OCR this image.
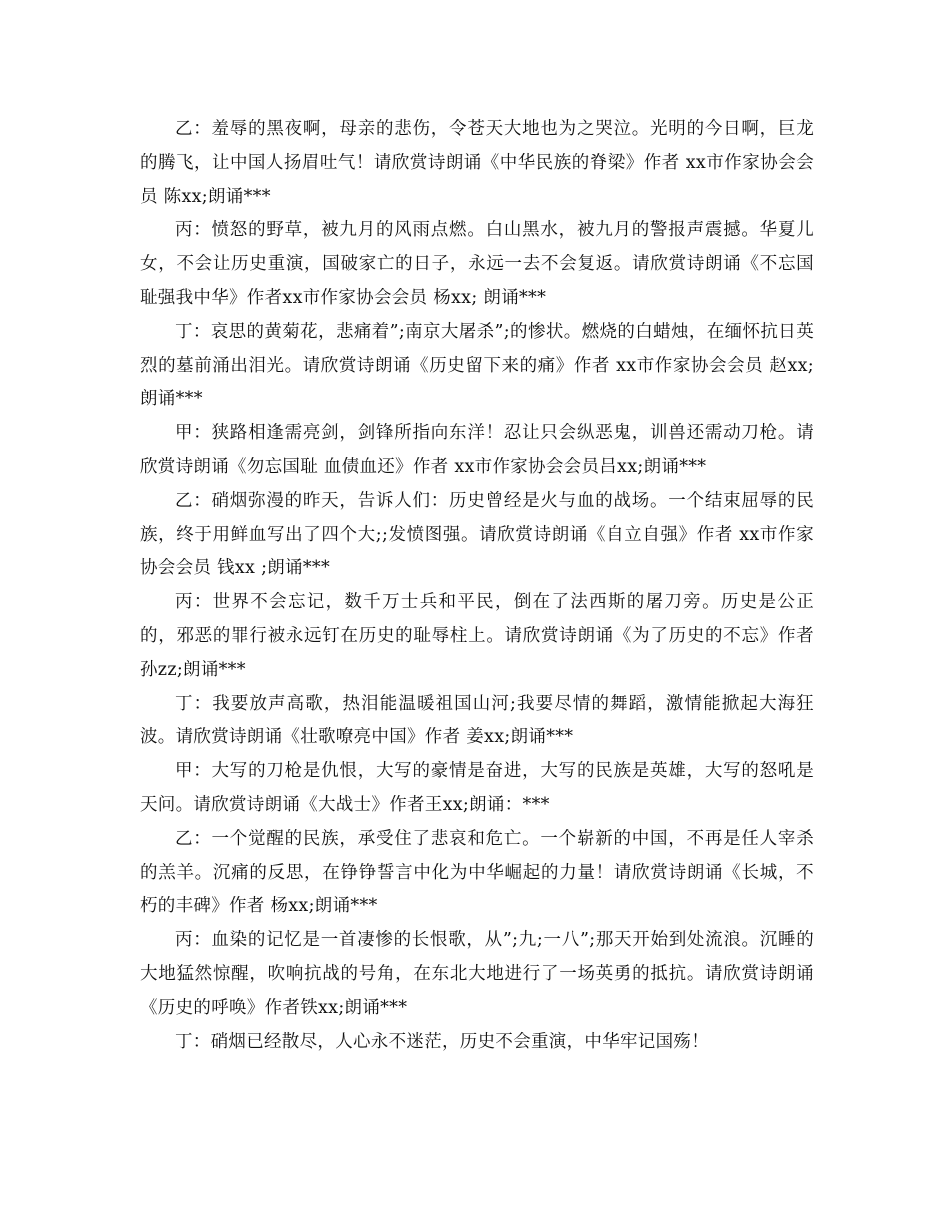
乙：羞辱的黑夜啊，母亲的悲伤，令苍天大地也为之哭泣。光明的今日啊，巨龙的腾飞，让中国人扬眉吐气！请欣赏诗朗诵《中华民族的脊梁》作者 xx市作家协会会员 陈xx;朗诵***

丙：愤怒的野草，被九月的风雨点燃。白山黑水，被九月的警报声震撼。华夏儿女，不会让历史重演，国破家亡的日子，永远一去不会复返。请欣赏诗朗诵《不忘国耻强我中华》作者xx市作家协会会员 杨xx; 朗诵***

丁：哀思的黄菊花，悲痛着”;南京大屠杀”;的惨状。燃烧的白蜡烛，在缅怀抗日英烈的墓前涌出泪光。请欣赏诗朗诵《历史留下来的痛》作者 xx市作家协会会员 赵xx;朗诵***

甲：狭路相逢需亮剑，剑锋所指向东洋！忍让只会纵恶鬼，训兽还需动刀枪。请欣赏诗朗诵《勿忘国耻 血债血还》作者 xx市作家协会会员吕xx;朗诵***

乙：硝烟弥漫的昨天，告诉人们：历史曾经是火与血的战场。一个结束屈辱的民族，终于用鲜血写出了四个大;;发愤图强。请欣赏诗朗诵《自立自强》作者 xx市作家协会会员 钱xx ;朗诵***

丙：世界不会忘记，数千万士兵和平民，倒在了法西斯的屠刀旁。历史是公正的，邪恶的罪行被永远钉在历史的耻辱柱上。请欣赏诗朗诵《为了历史的不忘》作者孙zz;朗诵***

丁：我要放声高歌，热泪能温暖祖国山河;我要尽情的舞蹈，激情能掀起大海狂波。请欣赏诗朗诵《壮歌嘹亮中国》作者 姜xx;朗诵***

甲：大写的刀枪是仇恨，大写的豪情是奋进，大写的民族是英雄，大写的怒吼是天问。请欣赏诗朗诵《大战士》作者王xx;朗诵：***

乙：一个觉醒的民族，承受住了悲哀和危亡。一个崭新的中国，不再是任人宰杀的羔羊。沉痛的反思，在铮铮誓言中化为中华崛起的力量！请欣赏诗朗诵《长城，不朽的丰碑》作者 杨xx;朗诵***

丙：血染的记忆是一首凄惨的长恨歌，从”;九;一八”;那天开始到处流浪。沉睡的大地猛然惊醒，吹响抗战的号角，在东北大地进行了一场英勇的抵抗。请欣赏诗朗诵《历史的呼唤》作者铁xx;朗诵***

丁：硝烟已经散尽，人心永不迷茫，历史不会重演，中华牢记国殇！
